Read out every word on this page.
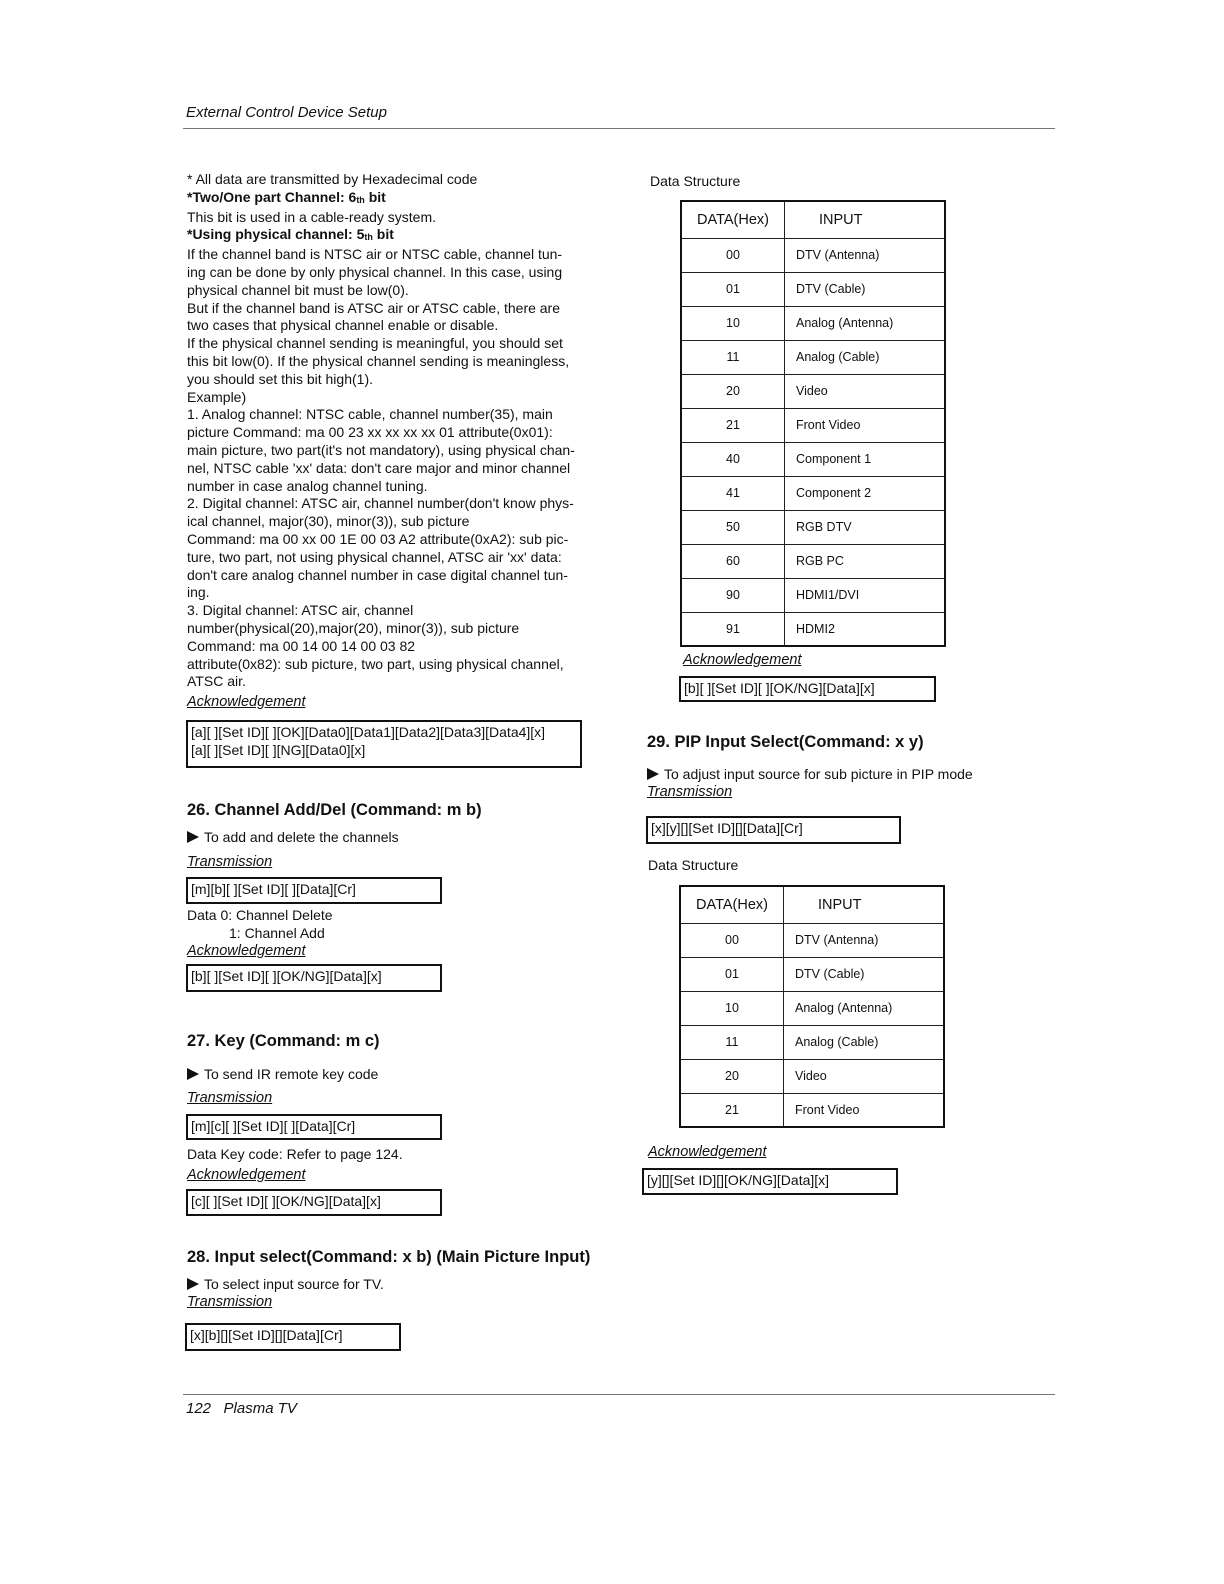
External Control Device Setup

* All data are transmitted by Hexadecimal code

*Two/One part Channel: 6th bit

This bit is used in a cable-ready system.

*Using physical channel: 5th bit

If the channel band is NTSC air or NTSC cable, channel tun-

ing can be done by only physical channel. In this case, using

physical channel bit must be low(0).

But if the channel band is ATSC air or ATSC cable, there are

two cases that physical channel enable or disable.

If the physical channel sending is meaningful, you should set

this bit low(0). If the physical channel sending is meaningless,

you should set this bit high(1).

Example)

1. Analog channel: NTSC cable, channel number(35), main

picture Command: ma 00 23 xx xx xx xx 01 attribute(0x01):

main picture, two part(it's not mandatory), using physical chan-

nel, NTSC cable 'xx' data: don't care major and minor channel

number in case analog channel tuning.

2. Digital channel: ATSC air, channel number(don't know phys-

ical channel, major(30), minor(3)), sub picture

Command: ma 00 xx 00 1E 00 03 A2 attribute(0xA2): sub pic-

ture, two part, not using physical channel, ATSC air 'xx' data:

don't care analog channel number in case digital channel tun-

ing.

3. Digital channel: ATSC air, channel

number(physical(20),major(20), minor(3)), sub picture

Command: ma 00 14 00 14 00 03 82

attribute(0x82): sub picture, two part, using physical channel,

ATSC air.

Acknowledgement
[a][ ][Set ID][ ][OK][Data0][Data1][Data2][Data3][Data4][x]
[a][ ][Set ID][ ][NG][Data0][x]
26. Channel Add/Del (Command: m b)
To add and delete the channels
Transmission
[m][b][ ][Set ID][ ][Data][Cr]
Data 0: Channel Delete
1: Channel Add
Acknowledgement
[b][ ][Set ID][ ][OK/NG][Data][x]
27. Key (Command: m c)
To send IR remote key code
Transmission
[m][c][ ][Set ID][ ][Data][Cr]
Data Key code: Refer to page 124.
Acknowledgement
[c][ ][Set ID][ ][OK/NG][Data][x]
28. Input select(Command: x b) (Main Picture Input)
To select input source for TV.
Transmission
[x][b][][Set ID][][Data][Cr]
Data Structure
DATA(Hex)	INPUT
00	DTV (Antenna)
01	DTV (Cable)
10	Analog (Antenna)
11	Analog (Cable)
20	Video
21	Front Video
40	Component 1
41	Component 2
50	RGB DTV
60	RGB PC
90	HDMI1/DVI
91	HDMI2
Acknowledgement
[b][ ][Set ID][ ][OK/NG][Data][x]
29. PIP Input Select(Command: x y)
To adjust input source for sub picture in PIP mode
Transmission
[x][y][][Set ID][][Data][Cr]
Data Structure
DATA(Hex)	INPUT
00	DTV (Antenna)
01	DTV (Cable)
10	Analog (Antenna)
11	Analog (Cable)
20	Video
21	Front Video
Acknowledgement
[y][][Set ID][][OK/NG][Data][x]
122 Plasma TV
